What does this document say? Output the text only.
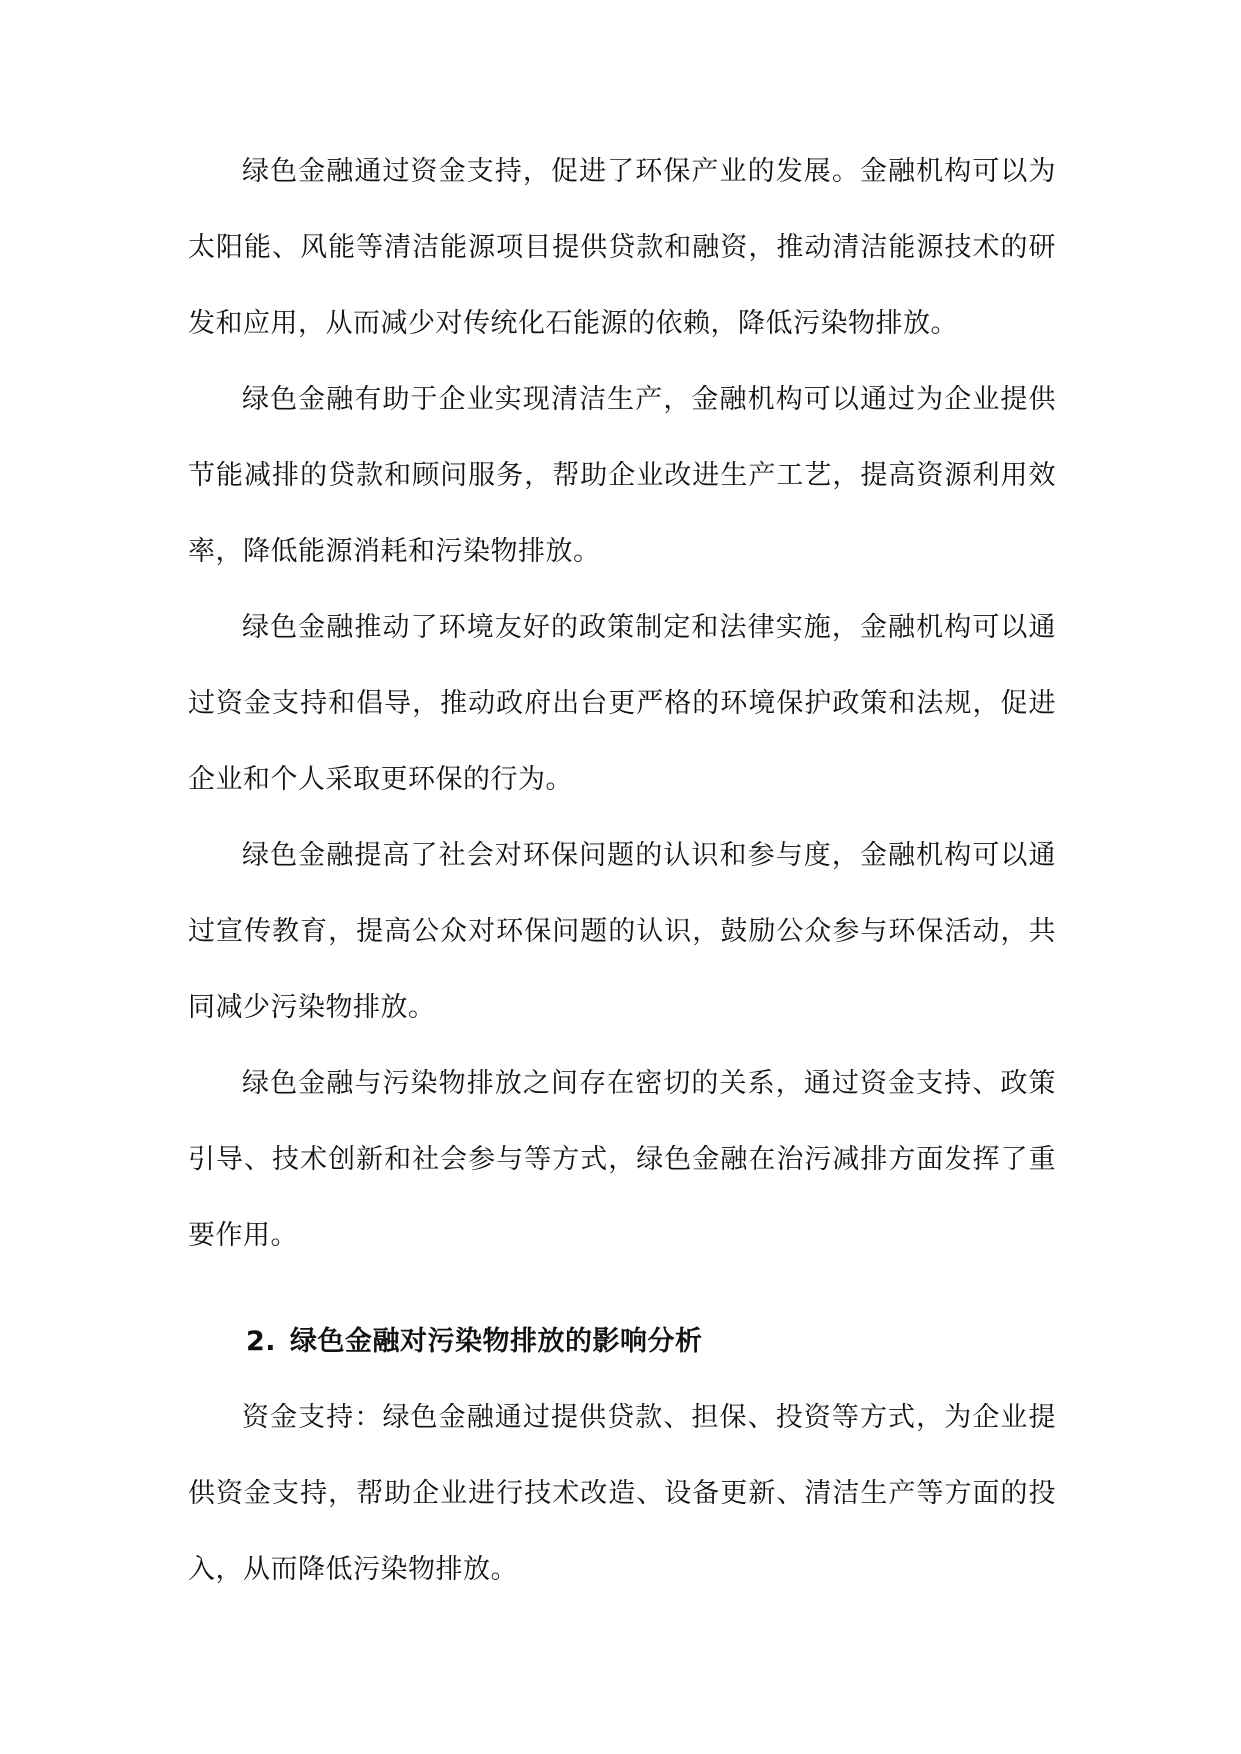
绿色金融通过资金支持，促进了环保产业的发展。金融机构可以为太阳能、风能等清洁能源项目提供贷款和融资，推动清洁能源技术的研发和应用，从而减少对传统化石能源的依赖，降低污染物排放。

绿色金融有助于企业实现清洁生产，金融机构可以通过为企业提供节能减排的贷款和顾问服务，帮助企业改进生产工艺，提高资源利用效率，降低能源消耗和污染物排放。

绿色金融推动了环境友好的政策制定和法律实施，金融机构可以通过资金支持和倡导，推动政府出台更严格的环境保护政策和法规，促进企业和个人采取更环保的行为。

绿色金融提高了社会对环保问题的认识和参与度，金融机构可以通过宣传教育，提高公众对环保问题的认识，鼓励公众参与环保活动，共同减少污染物排放。

绿色金融与污染物排放之间存在密切的关系，通过资金支持、政策引导、技术创新和社会参与等方式，绿色金融在治污减排方面发挥了重要作用。

2. 绿色金融对污染物排放的影响分析

资金支持：绿色金融通过提供贷款、担保、投资等方式，为企业提供资金支持，帮助企业进行技术改造、设备更新、清洁生产等方面的投入，从而降低污染物排放。
